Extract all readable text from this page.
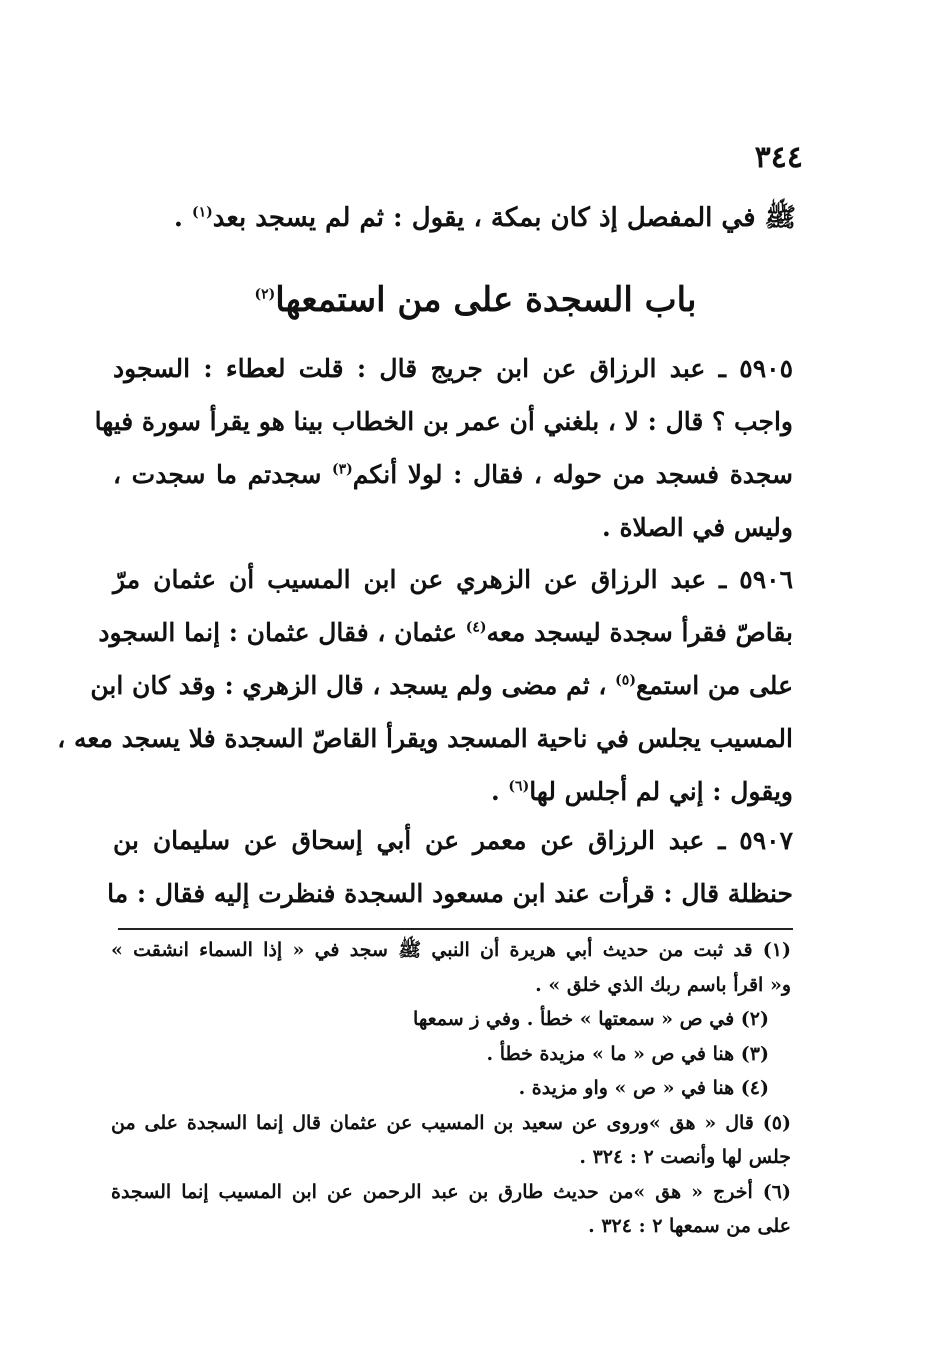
٣٤٤
ﷺ في المفصل إذ كان بمكة ، يقول : ثم لم يسجد بعد$^{(١)}$ .
باب السجدة على من استمعها$^{(٢)}$
٥٩٠٥ ـ عبد الرزاق عن ابن جريج قال : قلت لعطاء : السجود
واجب ؟ قال : لا ، بلغني أن عمر بن الخطاب بينا هو يقرأ سورة فيها
سجدة فسجد من حوله ، فقال : لولا أنكم$^{(٣)}$ سجدتم ما سجدت ،
وليس في الصلاة .
٥٩٠٦ ـ عبد الرزاق عن الزهري عن ابن المسيب أن عثمان مرّ
بقاصّ فقرأ سجدة ليسجد معه$^{(٤)}$ عثمان ، فقال عثمان : إنما السجود
على من استمع$^{(٥)}$ ، ثم مضى ولم يسجد ، قال الزهري : وقد كان ابن
المسيب يجلس في ناحية المسجد ويقرأ القاصّ السجدة فلا يسجد معه ،
ويقول : إني لم أجلس لها$^{(٦)}$ .
٥٩٠٧ ـ عبد الرزاق عن معمر عن أبي إسحاق عن سليمان بن
حنظلة قال : قرأت عند ابن مسعود السجدة فنظرت إليه فقال : ما
(١) قد ثبت من حديث أبي هريرة أن النبي ﷺ سجد في « إذا السماء انشقت »
و« اقرأ باسم ربك الذي خلق » .
(٢) في ص « سمعتها » خطأ . وفي ز سمعها
(٣) هنا في ص « ما » مزيدة خطأ .
(٤) هنا في « ص » واو مزيدة .
(٥) قال « هق »وروى عن سعيد بن المسيب عن عثمان قال إنما السجدة على من
جلس لها وأنصت ٢ : ٣٢٤ .
(٦) أخرج « هق »من حديث طارق بن عبد الرحمن عن ابن المسيب إنما السجدة
على من سمعها ٢ : ٣٢٤ .
